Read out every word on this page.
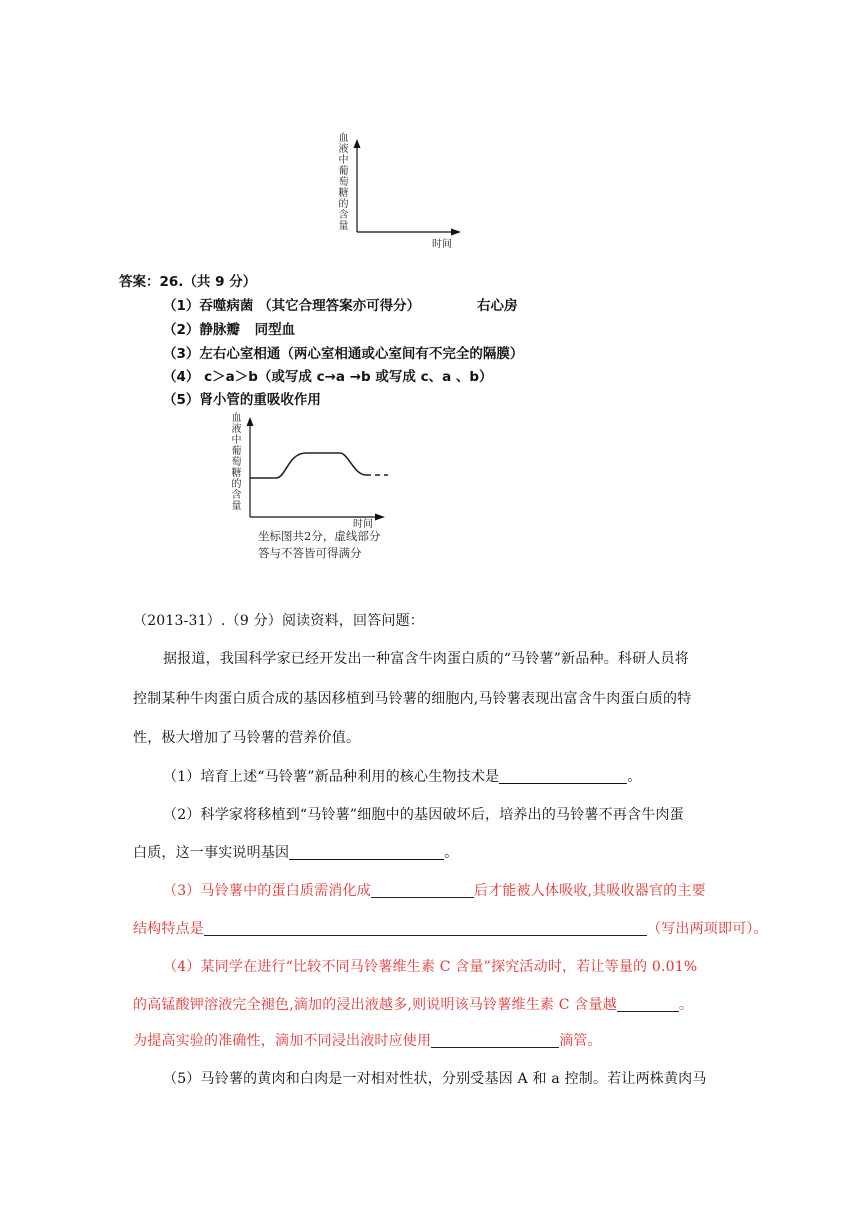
血液中葡萄糖的含量
时间
答案：26.（共 9 分）
（1）吞噬病菌 （其它合理答案亦可得分）	右心房
（2）静脉瓣 同型血
（3）左右心室相通（两心室相通或心室间有不完全的隔膜）
（4） c＞a＞b（或写成 c→a →b 或写成 c、a 、b）
（5）肾小管的重吸收作用
血液中葡萄糖的含量
时间
坐标图共2分，虚线部分
答与不答皆可得满分
（2013-31）.（9 分）阅读资料，回答问题：
据报道，我国科学家已经开发出一种富含牛肉蛋白质的“马铃薯”新品种。科研人员将
控制某种牛肉蛋白质合成的基因移植到马铃薯的细胞内,马铃薯表现出富含牛肉蛋白质的特
性，极大增加了马铃薯的营养价值。
（1）培育上述“马铃薯”新品种利用的核心生物技术是	。
（2）科学家将移植到“马铃薯”细胞中的基因破坏后，培养出的马铃薯不再含牛肉蛋
白质，这一事实说明基因	。
（3）马铃薯中的蛋白质需消化成	后才能被人体吸收,其吸收器官的主要
结构特点是	（写出两项即可）。
（4）某同学在进行“比较不同马铃薯维生素 C 含量”探究活动时，若让等量的 0.01%
的高锰酸钾溶液完全褪色,滴加的浸出液越多,则说明该马铃薯维生素 C 含量越	。
为提高实验的准确性，滴加不同浸出液时应使用	滴管。
（5）马铃薯的黄肉和白肉是一对相对性状，分别受基因 A 和 a 控制。若让两株黄肉马
